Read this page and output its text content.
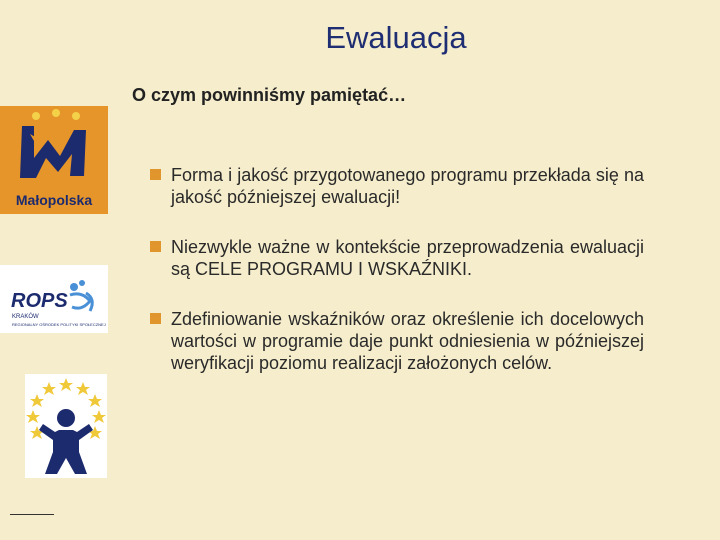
Ewaluacja
O czym powinniśmy pamiętać…
Forma i jakość przygotowanego programu przekłada się na jakość późniejszej ewaluacji!
Niezwykle ważne w kontekście przeprowadzenia ewaluacji są CELE PROGRAMU I WSKAŹNIKI.
Zdefiniowanie wskaźników oraz określenie ich docelowych wartości w programie daje punkt odniesienia w późniejszej weryfikacji poziomu realizacji założonych celów.
Małopolska
ROPS
KRAKÓW
REGIONALNY OŚRODEK POLITYKI SPOŁECZNEJ
